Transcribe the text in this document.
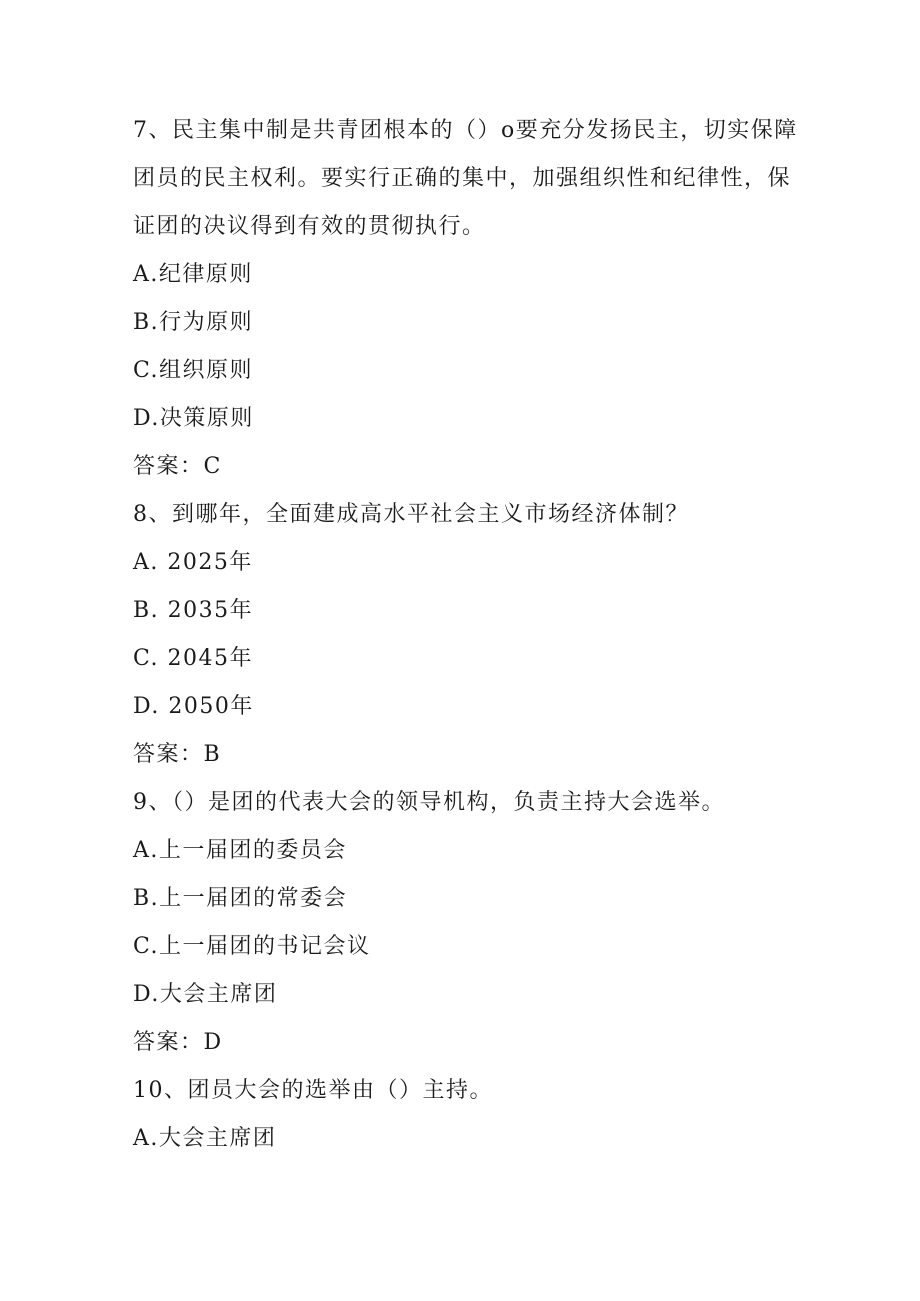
7、民主集中制是共青团根本的（）o要充分发扬民主，切实保障
团员的民主权利。要实行正确的集中，加强组织性和纪律性，保
证团的决议得到有效的贯彻执行。
A.纪律原则
B.行为原则
C.组织原则
D.决策原则
答案：C
8、到哪年，全面建成高水平社会主义市场经济体制？
A. 2025年
B. 2035年
C. 2045年
D. 2050年
答案：B
9、（）是团的代表大会的领导机构，负责主持大会选举。
A.上一届团的委员会
B.上一届团的常委会
C.上一届团的书记会议
D.大会主席团
答案：D
10、团员大会的选举由（）主持。
A.大会主席团
